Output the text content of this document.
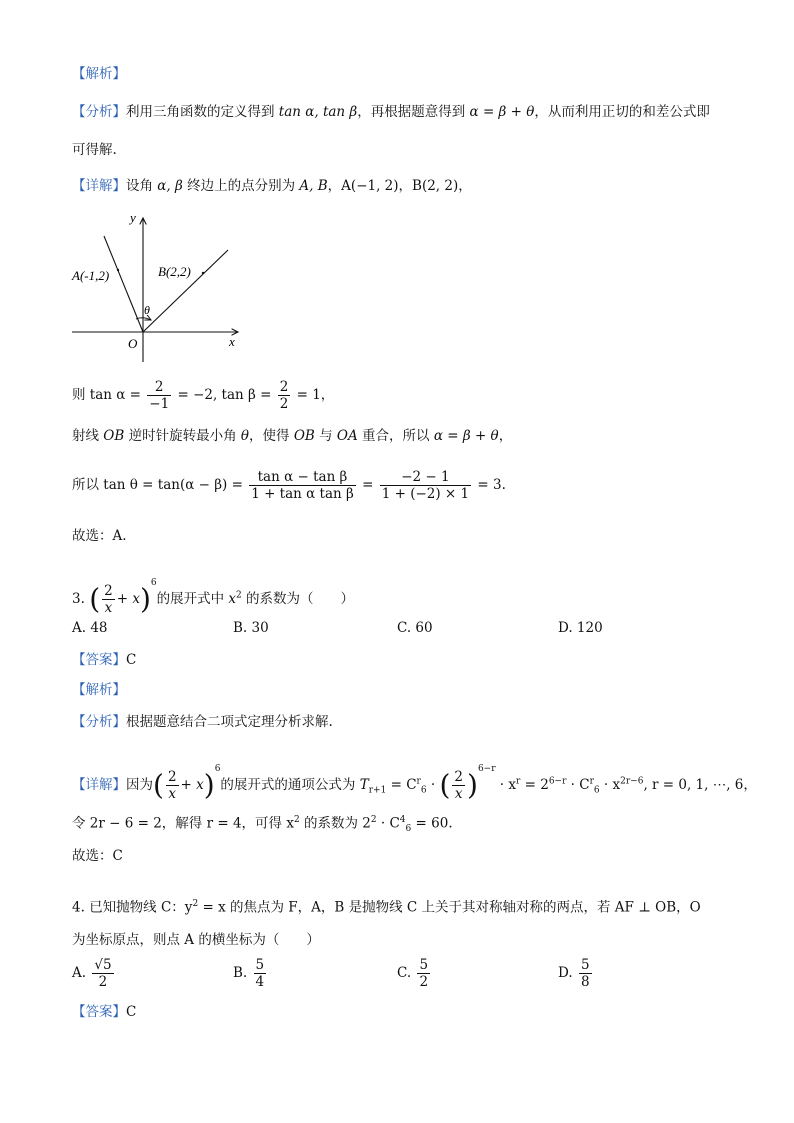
【解析】
【分析】利用三角函数的定义得到 tan α, tan β，再根据题意得到 α = β + θ，从而利用正切的和差公式即
可得解.
【详解】设角 α, β 终边上的点分别为 A, B，A(−1, 2)，B(2, 2)，
y
x
O
θ
A(-1,2)	B(2,2)
则 $\tan \alpha = \frac{2}{-1} = -2$, $\tan \beta = \frac{2}{2} = 1$，
射线 OB 逆时针旋转最小角 θ，使得 OB 与 OA 重合，所以 α = β + θ，
所以 $\tan \theta = \tan(\alpha - \beta) = \frac{\text{tan α − tan β}}{\text{1 + tan α tan β}} = \frac{-2 - 1}{1 + (-2) \times 1} = 3$.
故选：A.
3. ( $\frac{2}{x} + x)^6$的展开式中 $x^2$ 的系数为（　　）
A. 48	B. 30	C. 60	D. 120
【答案】C
【解析】
【分析】根据题意结合二项式定理分析求解.
【详解】因为( $\frac{2}{x} + x)^6$的展开式的通项公式为 $T_{r+1} = C^r_6$ · ( $\frac{2}{x} )^{6-r} \cdot x^r = 2^{6-r} \cdot C^r_6 \cdot x^{2r-6}$, r = 0, 1, ⋯, 6，
令 2r − 6 = 2，解得 r = 4，可得 $x^2$ 的系数为 $2^2 \cdot C^4_6 = 60$.
故选：C
4. 已知抛物线 C：$y^2 = x$ 的焦点为 F，A，B 是抛物线 C 上关于其对称轴对称的两点，若 AF ⊥ OB，O
为坐标原点，则点 A 的横坐标为（　　）
A. $\frac{√5}{2}$	B. $\frac{5}{4}$	C. $\frac{5}{2}$	D. $\frac{5}{8}$
【答案】C
